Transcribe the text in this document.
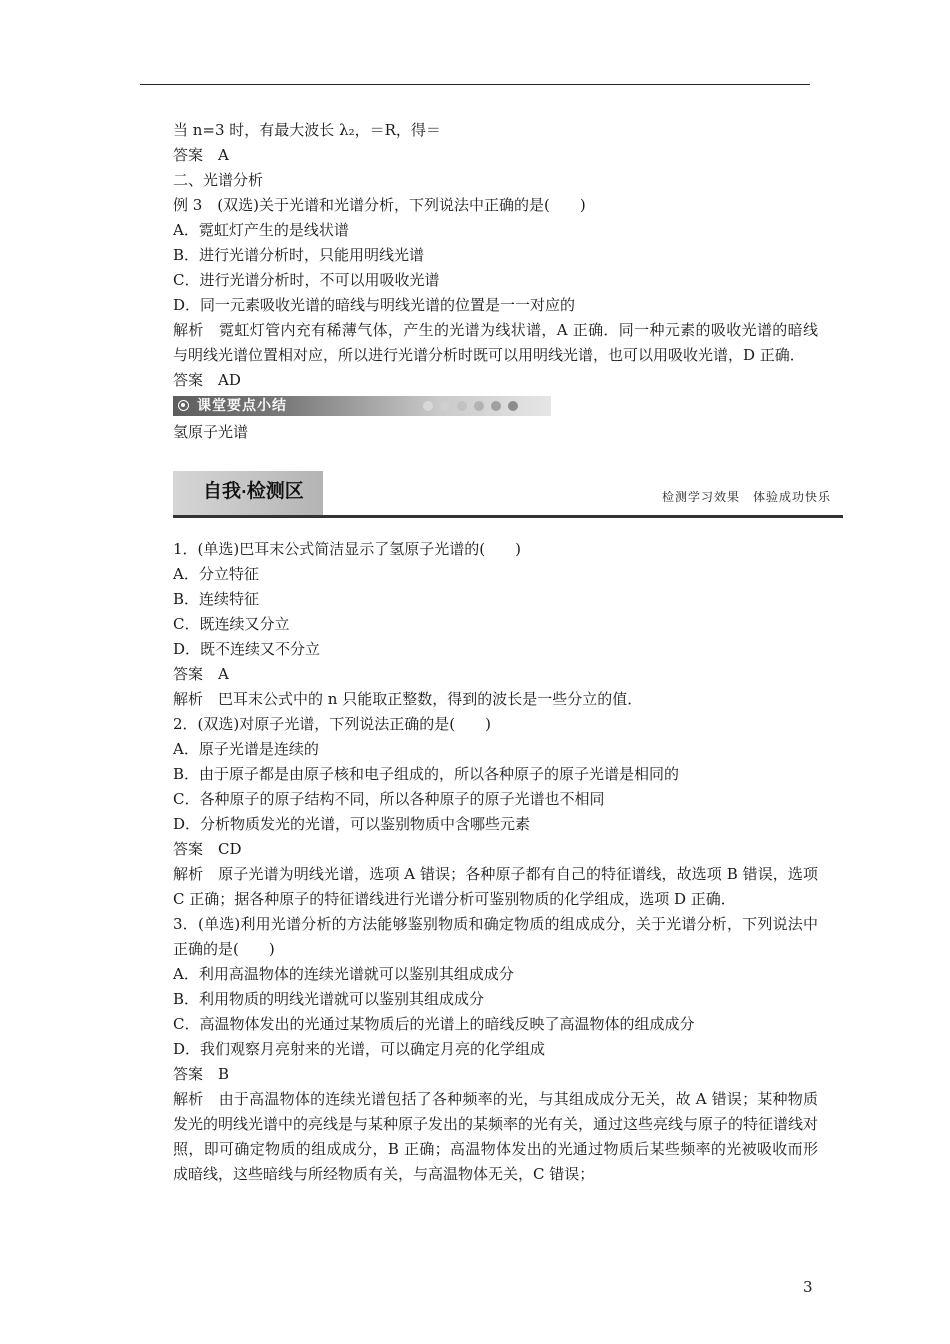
当 n=3 时，有最大波长 λ₂，＝R，得＝
答案　A
二、光谱分析
例 3　(双选)关于光谱和光谱分析，下列说法中正确的是(　　)
A．霓虹灯产生的是线状谱
B．进行光谱分析时，只能用明线光谱
C．进行光谱分析时，不可以用吸收光谱
D．同一元素吸收光谱的暗线与明线光谱的位置是一一对应的
解析　霓虹灯管内充有稀薄气体，产生的光谱为线状谱，A 正确．同一种元素的吸收光谱的暗线与明线光谱位置相对应，所以进行光谱分析时既可以用明线光谱，也可以用吸收光谱，D 正确．
答案　AD
课堂要点小结
氢原子光谱
自我·检测区	检测学习效果　体验成功快乐
1．(单选)巴耳末公式简洁显示了氢原子光谱的(　　)
A．分立特征
B．连续特征
C．既连续又分立
D．既不连续又不分立
答案　A
解析　巴耳末公式中的 n 只能取正整数，得到的波长是一些分立的值．
2．(双选)对原子光谱，下列说法正确的是(　　)
A．原子光谱是连续的
B．由于原子都是由原子核和电子组成的，所以各种原子的原子光谱是相同的
C．各种原子的原子结构不同，所以各种原子的原子光谱也不相同
D．分析物质发光的光谱，可以鉴别物质中含哪些元素
答案　CD
解析　原子光谱为明线光谱，选项 A 错误；各种原子都有自己的特征谱线，故选项 B 错误，选项 C 正确；据各种原子的特征谱线进行光谱分析可鉴别物质的化学组成，选项 D 正确．
3．(单选)利用光谱分析的方法能够鉴别物质和确定物质的组成成分，关于光谱分析，下列说法中正确的是(　　)
A．利用高温物体的连续光谱就可以鉴别其组成成分
B．利用物质的明线光谱就可以鉴别其组成成分
C．高温物体发出的光通过某物质后的光谱上的暗线反映了高温物体的组成成分
D．我们观察月亮射来的光谱，可以确定月亮的化学组成
答案　B
解析　由于高温物体的连续光谱包括了各种频率的光，与其组成成分无关，故 A 错误；某种物质发光的明线光谱中的亮线是与某种原子发出的某频率的光有关，通过这些亮线与原子的特征谱线对照，即可确定物质的组成成分，B 正确；高温物体发出的光通过物质后某些频率的光被吸收而形成暗线，这些暗线与所经物质有关，与高温物体无关，C 错误；
3
